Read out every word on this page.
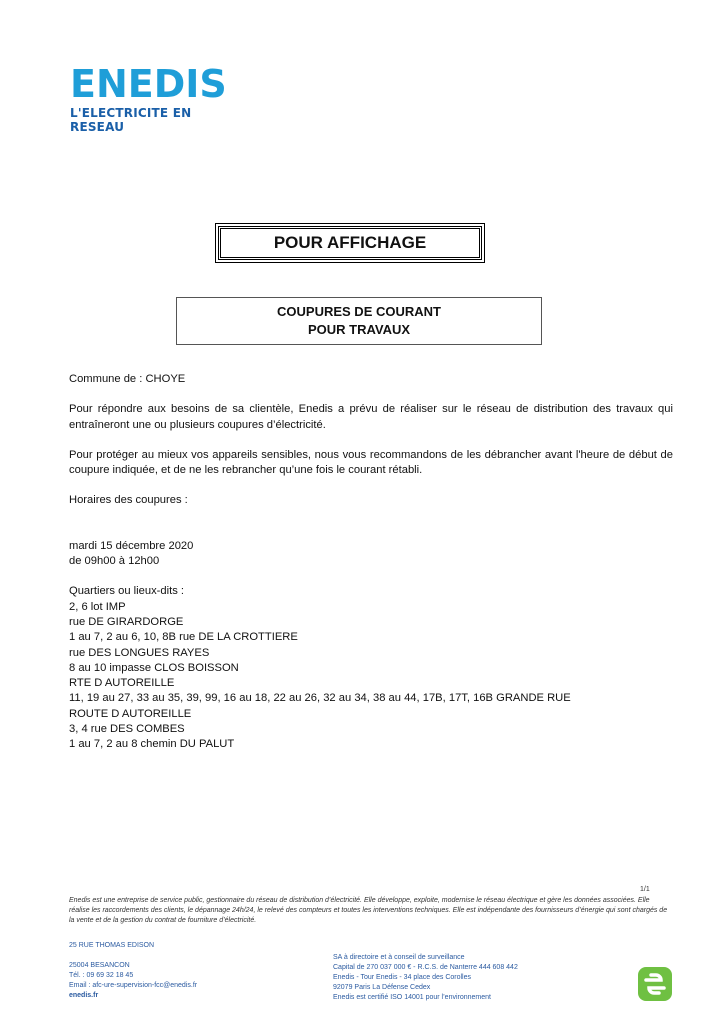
ENEDIS
L'ELECTRICITE EN RESEAU
POUR AFFICHAGE
COUPURES DE COURANT
POUR TRAVAUX

Commune de : CHOYE

Pour répondre aux besoins de sa clientèle, Enedis a prévu de réaliser sur le réseau de distribution des travaux qui entraîneront une ou plusieurs coupures d’électricité.

Pour protéger au mieux vos appareils sensibles, nous vous recommandons de les débrancher avant l'heure de début de coupure indiquée, et de ne les rebrancher qu’une fois le courant rétabli.

Horaires des coupures :

mardi 15 décembre 2020

de 09h00 à 12h00

Quartiers ou lieux-dits :

2, 6 lot IMP

rue DE GIRARDORGE

1 au 7, 2 au 6, 10, 8B rue DE LA CROTTIERE

rue DES LONGUES RAYES

8 au 10 impasse CLOS BOISSON

RTE D AUTOREILLE

11, 19 au 27, 33 au 35, 39, 99, 16 au 18, 22 au 26, 32 au 34, 38 au 44, 17B, 17T, 16B GRANDE RUE

ROUTE D AUTOREILLE

3, 4 rue DES COMBES

1 au 7, 2 au 8 chemin DU PALUT

1/1
Enedis est une entreprise de service public, gestionnaire du réseau de distribution d’électricité. Elle développe, exploite, modernise le réseau électrique et gère les données associées. Elle réalise les raccordements des clients, le dépannage 24h/24, le relevé des compteurs et toutes les interventions techniques. Elle est indépendante des fournisseurs d’énergie qui sont chargés de la vente et de la gestion du contrat de fourniture d’électricité.

25 RUE THOMAS EDISON

25004 BESANCON

Tél. : 09 69 32 18 45

Email : afc-ure-supervision-fcc@enedis.fr

enedis.fr

SA à directoire et à conseil de surveillance

Capital de 270 037 000 € - R.C.S. de Nanterre 444 608 442

Enedis - Tour Enedis - 34 place des Corolles

92079 Paris La Défense Cedex

Enedis est certifié ISO 14001 pour l’environnement
